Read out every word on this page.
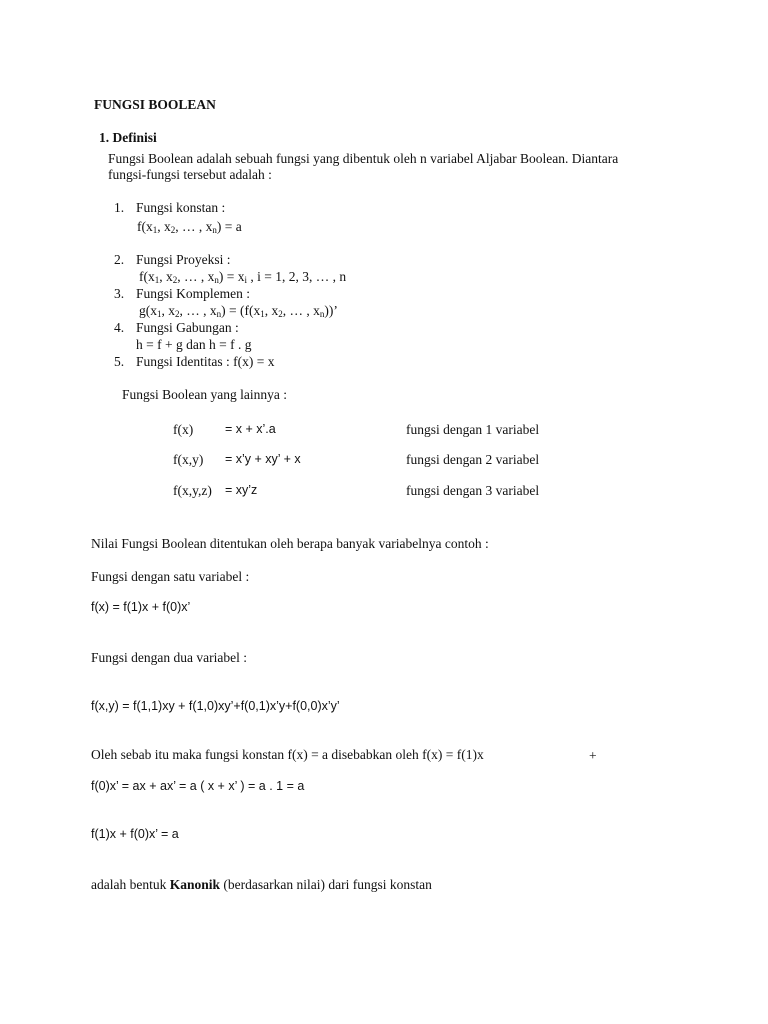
FUNGSI BOOLEAN
1. Definisi
Fungsi Boolean adalah sebuah fungsi yang dibentuk oleh n variabel Aljabar Boolean. Diantara
fungsi-fungsi tersebut adalah :
1. Fungsi konstan :
$f(x_1$, $x_2$, … , $x_n) = a$
2. Fungsi Proyeksi :
$f(x_1$, $x_2$, … , $x_n) = x_i$ , i = 1, 2, 3, … , n
3. Fungsi Komplemen :
$g(x_1$, $x_2$, … , $x_n) = (f(x_1$, $x_2$, … , $x_n$))’
4. Fungsi Gabungan :
h = f + g dan h = f . g
5. Fungsi Identitas : f(x) = x
Fungsi Boolean yang lainnya :
f(x)	= x + x’.a	fungsi dengan 1 variabel
f(x,y) = x’y + xy’ + x	fungsi dengan 2 variabel
f(x,y,z) = xy’z	fungsi dengan 3 variabel
Nilai Fungsi Boolean ditentukan oleh berapa banyak variabelnya contoh :
Fungsi dengan satu variabel :
f(x) = f(1)x + f(0)x’
Fungsi dengan dua variabel :
f(x,y) = f(1,1)xy + f(1,0)xy’+f(0,1)x’y+f(0,0)x’y’
Oleh sebab itu maka fungsi konstan f(x) = a disebabkan oleh f(x) = f(1)x	+
f(0)x’ = ax + ax’ = a ( x + x’ ) = a . 1 = a
f(1)x + f(0)x’ = a
adalah bentuk Kanonik (berdasarkan nilai) dari fungsi konstan
